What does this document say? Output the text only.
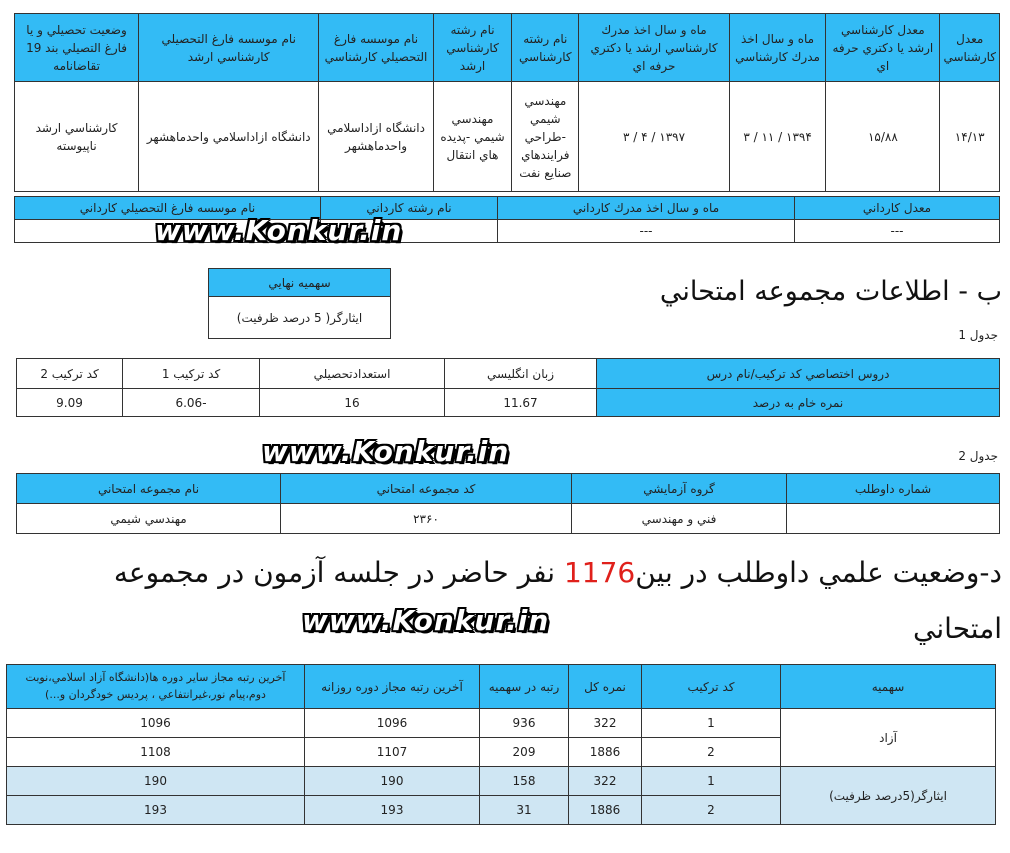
معدل كارشناسي	معدل كارشناسي ارشد يا دكتري حرفه اي	ماه و سال اخذ مدرك كارشناسي	ماه و سال اخذ مدرك كارشناسي ارشد يا دكتري حرفه اي	نام رشته كارشناسي	نام رشته كارشناسي ارشد	نام موسسه فارغ التحصيلي كارشناسي	نام موسسه فارغ التحصيلي كارشناسي ارشد	وضعيت تحصيلي و يا فارغ التصيلي بند 19 تقاضانامه
۱۴/۱۳	۱۵/۸۸	۱۳۹۴ / ۱۱ / ۳	۱۳۹۷ / ۴ / ۳	مهندسي شيمي -طراحي فرايندهاي صنايع نفت	مهندسي شيمي -پديده هاي انتقال	دانشگاه ازاداسلامي واحدماهشهر	دانشگاه ازاداسلامي واحدماهشهر	كارشناسي ارشد ناپيوسته
معدل كارداني	ماه و سال اخذ مدرك كارداني	نام رشته كارداني	نام موسسه فارغ التحصيلي كارداني
---	---		
www.Konkur.in
سهميه نهايي
ايثارگر( 5 درصد ظرفيت)
ب - اطلاعات مجموعه امتحاني
جدول 1
دروس اختصاصي كد تركيب/نام درس	زبان انگليسي	استعدادتحصيلي	كد تركيب 1	كد تركيب 2
نمره خام به درصد	11.67	16	-6.06	9.09
www.Konkur.in	جدول 2
شماره داوطلب	گروه آزمايشي	كد مجموعه امتحاني	نام مجموعه امتحاني
	فني و مهندسي	۲۳۶۰	مهندسي شيمي
د-وضعيت علمي داوطلب در بين1176 نفر حاضر در جلسه آزمون در مجموعه
امتحاني
www.Konkur.in
سهميه	كد تركيب	نمره كل	رتبه در سهميه	آخرين رتبه مجاز دوره روزانه	آخرين رتبه مجاز ساير دوره ها(دانشگاه آزاد اسلامي،نوبت دوم،پيام نور،غيرانتفاعي ، پرديس خودگردان و...)
آزاد	1	322	936	1096	1096
	2	1886	209	1107	1108
ايثارگر(5درصد ظرفيت)	1	322	158	190	190
	2	1886	31	193	193
